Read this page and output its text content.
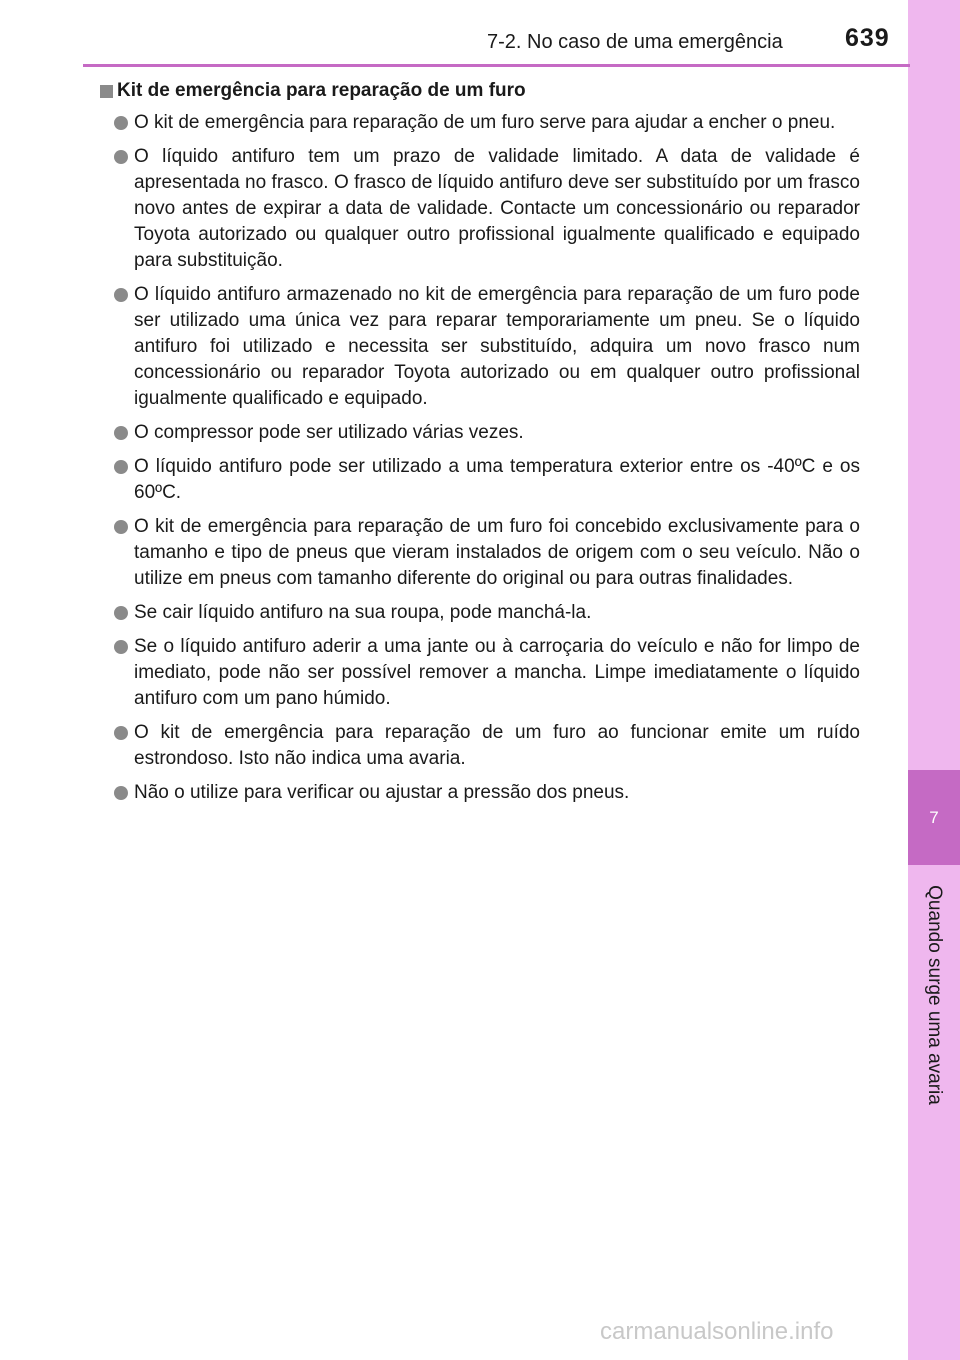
7
Quando surge uma avaria
7-2. No caso de uma emergência 639
Kit de emergência para reparação de um furo
O kit de emergência para reparação de um furo serve para ajudar a encher o pneu.
O líquido antifuro tem um prazo de validade limitado. A data de validade é apresentada no frasco. O frasco de líquido antifuro deve ser substituído por um frasco novo antes de expirar a data de validade. Contacte um concessionário ou reparador Toyota autorizado ou qualquer outro profissional igualmente qualificado e equipado para substituição.
O líquido antifuro armazenado no kit de emergência para reparação de um furo pode ser utilizado uma única vez para reparar temporariamente um pneu. Se o líquido antifuro foi utilizado e necessita ser substituído, adquira um novo frasco num concessionário ou reparador Toyota autorizado ou em qualquer outro profissional igualmente qualificado e equipado.
O compressor pode ser utilizado várias vezes.
O líquido antifuro pode ser utilizado a uma temperatura exterior entre os -40ºC e os 60ºC.
O kit de emergência para reparação de um furo foi concebido exclusivamente para o tamanho e tipo de pneus que vieram instalados de origem com o seu veículo. Não o utilize em pneus com tamanho diferente do original ou para outras finalidades.
Se cair líquido antifuro na sua roupa, pode manchá-la.
Se o líquido antifuro aderir a uma jante ou à carroçaria do veículo e não for limpo de imediato, pode não ser possível remover a mancha. Limpe imediatamente o líquido antifuro com um pano húmido.
O kit de emergência para reparação de um furo ao funcionar emite um ruído estrondoso. Isto não indica uma avaria.
Não o utilize para verificar ou ajustar a pressão dos pneus.
carmanualsonline.info
